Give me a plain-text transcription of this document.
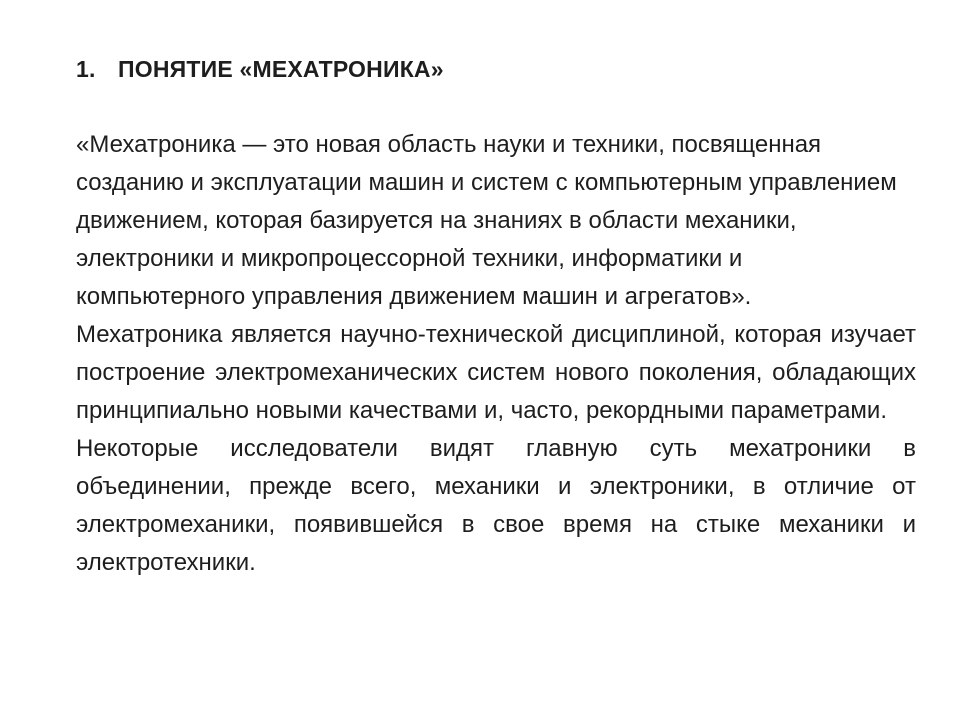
1. ПОНЯТИЕ «МЕХАТРОНИКА»

«Мехатроника — это новая область науки и техники, посвященная созданию и эксплуатации машин и систем с компьютерным управлением движением, которая базируется на знаниях в области механики, электроники и микропроцессорной техники, информатики и компьютерного управления движением машин и агрегатов».

Мехатроника является научно-технической дисциплиной, которая изучает построение электромеханических систем нового поколения, обладающих принципиально новыми качествами и, часто, рекордными параметрами.

Некоторые исследователи видят главную суть мехатроники в объединении, прежде всего, механики и электроники, в отличие от электромеханики, появившейся в свое время на стыке механики и электротехники.
